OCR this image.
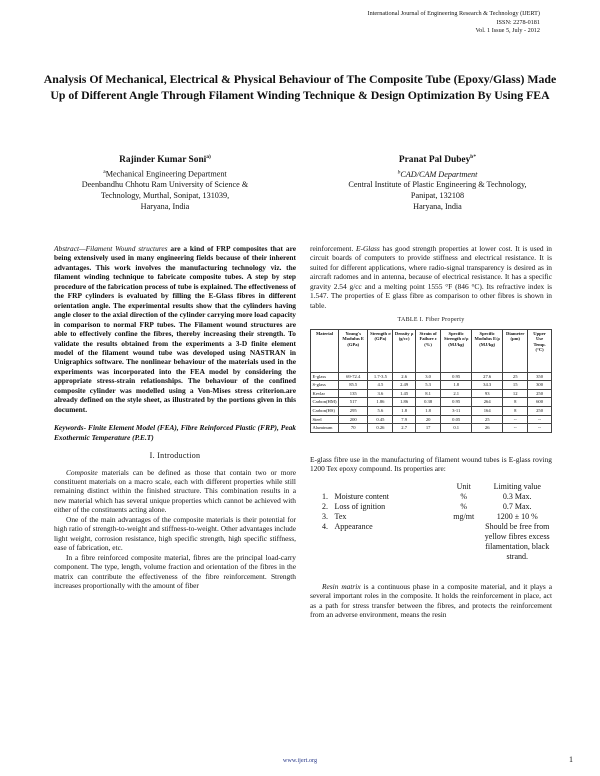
International Journal of Engineering Research & Technology (IJERT)
ISSN: 2278-0181
Vol. 1 Issue 5, July - 2012
Analysis Of Mechanical, Electrical & Physical Behaviour of The Composite Tube (Epoxy/Glass) Made Up of Different Angle Through Filament Winding Technique & Design Optimization By Using FEA
Rajinder Kumar Soni$^{a)}$
$^a$Mechanical Engineering Department
Deenbandhu Chhotu Ram University of Science &
Technology, Murthal, Sonipat, 131039,
Haryana, India
Pranat Pal Dubey$^{b*}$
$^b$CAD/CAM Department
Central Institute of Plastic Engineering & Technology,
Panipat, 132108
Haryana, India

Abstract—Filament Wound structures are a kind of FRP composites that are being extensively used in many engineering fields because of their inherent advantages. This work involves the manufacturing technology viz. the filament winding technique to fabricate composite tubes. A step by step procedure of the fabrication process of tube is explained. The effectiveness of the FRP cylinders is evaluated by filling the E-Glass fibres in different orientation angle. The experimental results show that the cylinders having angle closer to the axial direction of the cylinder carrying more load capacity in comparison to normal FRP tubes. The Filament wound structures are able to effectively confine the fibres, thereby increasing their strength. To validate the results obtained from the experiments a 3-D finite element model of the filament wound tube was developed using NASTRAN in Unigraphics software. The nonlinear behaviour of the materials used in the experiments was incorporated into the FEA model by considering the appropriate stress-strain relationships. The behaviour of the confined composite cylinder was modelled using a Von-Mises stress criterion.are already defined on the style sheet, as illustrated by the portions given in this document.

Keywords- Finite Element Model (FEA), Fibre Reinforced Plastic (FRP), Peak Exothermic Temperature (P.E.T)

I. Introduction

Composite materials can be defined as those that contain two or more constituent materials on a macro scale, each with different properties while still remaining distinct within the finished structure. This combination results in a new material which has several unique properties which cannot be achieved with either of the constituents acting alone.

One of the main advantages of the composite materials is their potential for high ratio of strength-to-weight and stiffness-to-weight. Other advantages include light weight, corrosion resistance, high specific strength, high specific stiffness, ease of fabrication, etc.

In a fibre reinforced composite material, fibres are the principal load-carry component. The type, length, volume fraction and orientation of the fibres in the matrix can contribute the effectiveness of the fibre reinforcement. Strength increases proportionally with the amount of fiber

reinforcement. E-Glass has good strength properties at lower cost. It is used in circuit boards of computers to provide stiffness and electrical resistance. It is suited for different applications, where radio-signal transparency is desired as in aircraft radomes and in antenna, because of electrical resistance. It has a specific gravity 2.54 g/cc and a melting point 1555 °F (846 °C). Its refractive index is 1.547. The properties of E glass fibre as comparison to other fibres is shown in table.

TABLE I. Fiber Property
Material	Young's Modulus E (GPa)	Strength σ (GPa)	Density ρ (g/cc)	Strain of Failure ε (%)	Specific Strength σ/ρ (MJ/kg)	Specific Modulus E/ρ (MJ/kg)	Diameter (μm)	Upper Use Temp. (°C)
E-glass	69-72.4	1.7-3.5	2.6	3.0	0.95	27.6	25	350
S-glass	85.5	4.5	2.49	5.3	1.8	34.3	15	300
Kevlar	135	3.6	1.45	8.1	2.1	93	12	250
Carbon(HM)	517	1.86	1.86	0.38	0.95	264	8	600
Carbon(HS)	295	5.6	1.8	1.8	3-11	164	8	250
Steel	200	0.45	7.9	20	0.05	25	--	--
Aluminum	70	0.26	2.7	17	0.1	26	--	--

E-glass fibre use in the manufacturing of filament wound tubes is E-glass roving 1200 Tex epoxy compound. Its properties are:

Unit	Limiting value
1. Moisture content	%	0.3 Max.
2. Loss of ignition	%	0.7 Max.
3. Tex	mg/mt	1200 ± 10 %
4. Appearance	Should be free from yellow fibres excess filamentation, black strand.

Resin matrix is a continuous phase in a composite material, and it plays a several important roles in the composite. It holds the reinforcement in place, act as a path for stress transfer between the fibres, and protects the reinforcement from an adverse environment, means the resin

www.ijert.org	1
